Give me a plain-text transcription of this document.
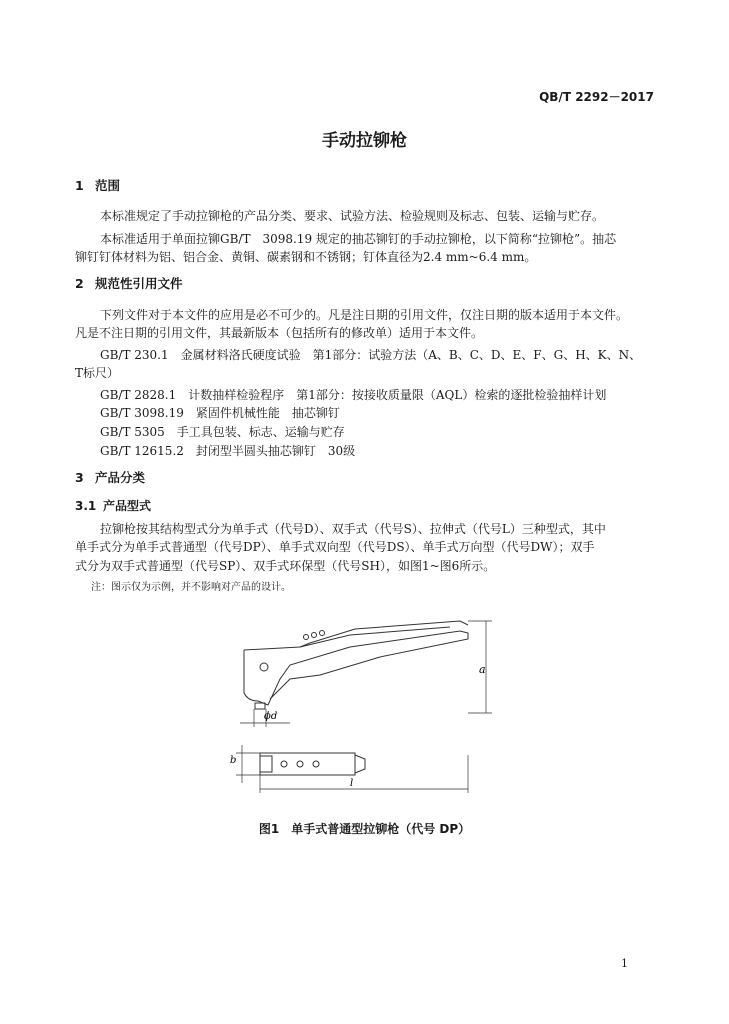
QB/T 2292－2017
手动拉铆枪
1 范围
本标准规定了手动拉铆枪的产品分类、要求、试验方法、检验规则及标志、包装、运输与贮存。
本标准适用于单面拉铆GB/T　3098.19 规定的抽芯铆钉的手动拉铆枪，以下简称“拉铆枪”。抽芯
铆钉钉体材料为铝、铝合金、黄铜、碳素钢和不锈钢；钉体直径为2.4 mm~6.4 mm。
2 规范性引用文件
下列文件对于本文件的应用是必不可少的。凡是注日期的引用文件，仅注日期的版本适用于本文件。
凡是不注日期的引用文件，其最新版本（包括所有的修改单）适用于本文件。
GB/T 230.1　金属材料洛氏硬度试验　第1部分：试验方法（A、B、C、D、E、F、G、H、K、N、
T标尺）
GB/T 2828.1　计数抽样检验程序　第1部分：按接收质量限（AQL）检索的逐批检验抽样计划
GB/T 3098.19　紧固件机械性能　抽芯铆钉
GB/T 5305　手工具包装、标志、运输与贮存
GB/T 12615.2　封闭型半圆头抽芯铆钉　30级
3 产品分类
3.1 产品型式
拉铆枪按其结构型式分为单手式（代号D）、双手式（代号S）、拉伸式（代号L）三种型式，其中
单手式分为单手式普通型（代号DP）、单手式双向型（代号DS）、单手式万向型（代号DW）；双手
式分为双手式普通型（代号SP）、双手式环保型（代号SH），如图1~图6所示。
注：图示仅为示例，并不影响对产品的设计。
a
ϕd
b
l
图1　单手式普通型拉铆枪（代号 DP）
1
